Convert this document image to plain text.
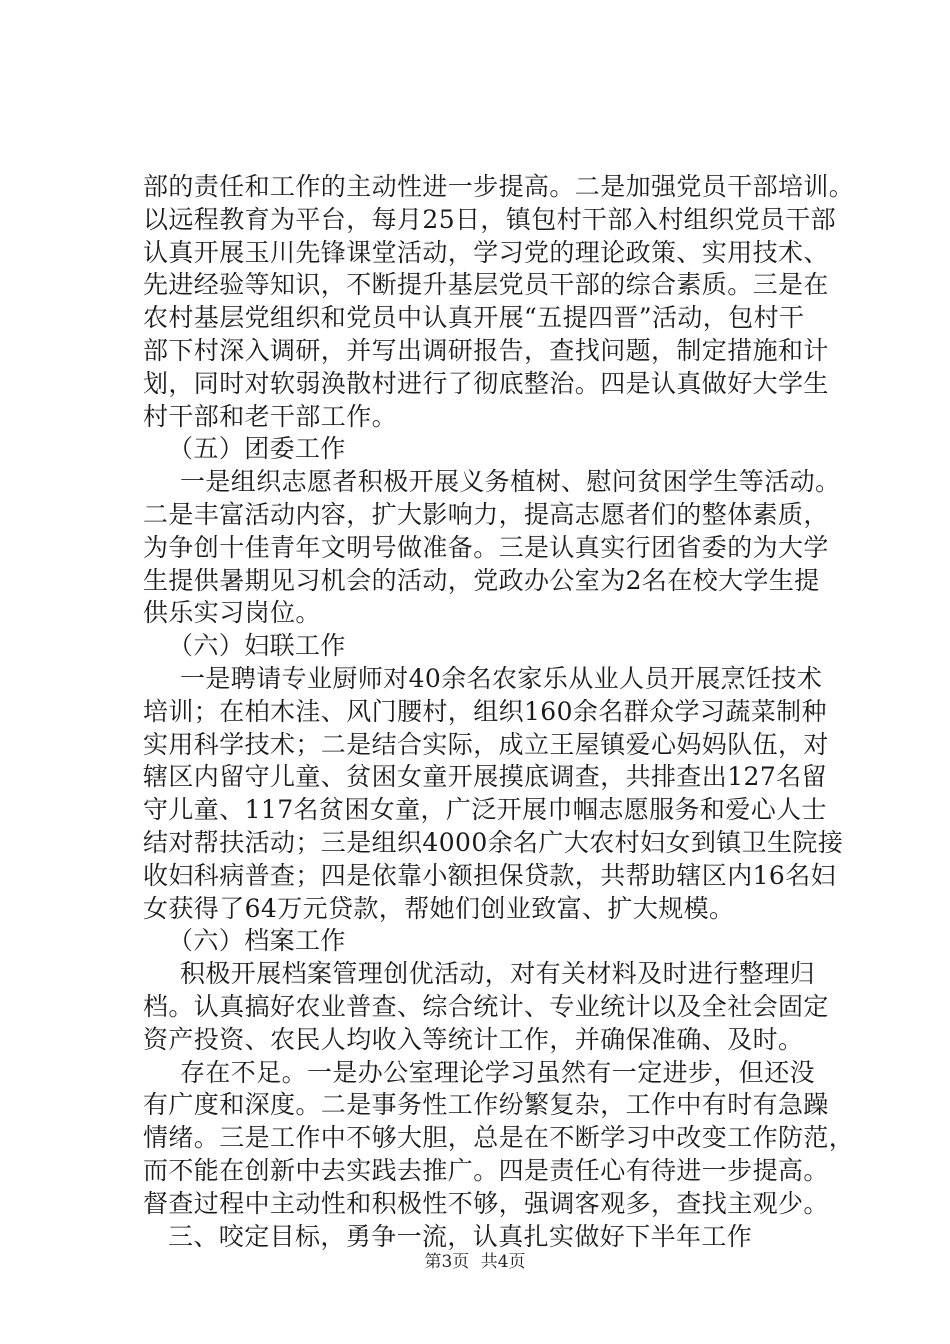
部的责任和工作的主动性进一步提高。二是加强党员干部培训。
以远程教育为平台，每月25日，镇包村干部入村组织党员干部
认真开展玉川先锋课堂活动，学习党的理论政策、实用技术、
先进经验等知识，不断提升基层党员干部的综合素质。三是在
农村基层党组织和党员中认真开展“五提四晋”活动，包村干
部下村深入调研，并写出调研报告，查找问题，制定措施和计
划，同时对软弱涣散村进行了彻底整治。四是认真做好大学生
村干部和老干部工作。
（五）团委工作
一是组织志愿者积极开展义务植树、慰问贫困学生等活动。
二是丰富活动内容，扩大影响力，提高志愿者们的整体素质，
为争创十佳青年文明号做准备。三是认真实行团省委的为大学
生提供暑期见习机会的活动，党政办公室为2名在校大学生提
供乐实习岗位。
（六）妇联工作
一是聘请专业厨师对40余名农家乐从业人员开展烹饪技术
培训；在柏木洼、风门腰村，组织160余名群众学习蔬菜制种
实用科学技术；二是结合实际，成立王屋镇爱心妈妈队伍，对
辖区内留守儿童、贫困女童开展摸底调查，共排查出127名留
守儿童、117名贫困女童，广泛开展巾帼志愿服务和爱心人士
结对帮扶活动；三是组织4000余名广大农村妇女到镇卫生院接
收妇科病普查；四是依靠小额担保贷款，共帮助辖区内16名妇
女获得了64万元贷款，帮她们创业致富、扩大规模。
（六）档案工作
积极开展档案管理创优活动，对有关材料及时进行整理归
档。认真搞好农业普查、综合统计、专业统计以及全社会固定
资产投资、农民人均收入等统计工作，并确保准确、及时。
存在不足。一是办公室理论学习虽然有一定进步，但还没
有广度和深度。二是事务性工作纷繁复杂，工作中有时有急躁
情绪。三是工作中不够大胆，总是在不断学习中改变工作防范，
而不能在创新中去实践去推广。四是责任心有待进一步提高。
督查过程中主动性和积极性不够，强调客观多，查找主观少。
三、咬定目标，勇争一流，认真扎实做好下半年工作
第3页 共4页
